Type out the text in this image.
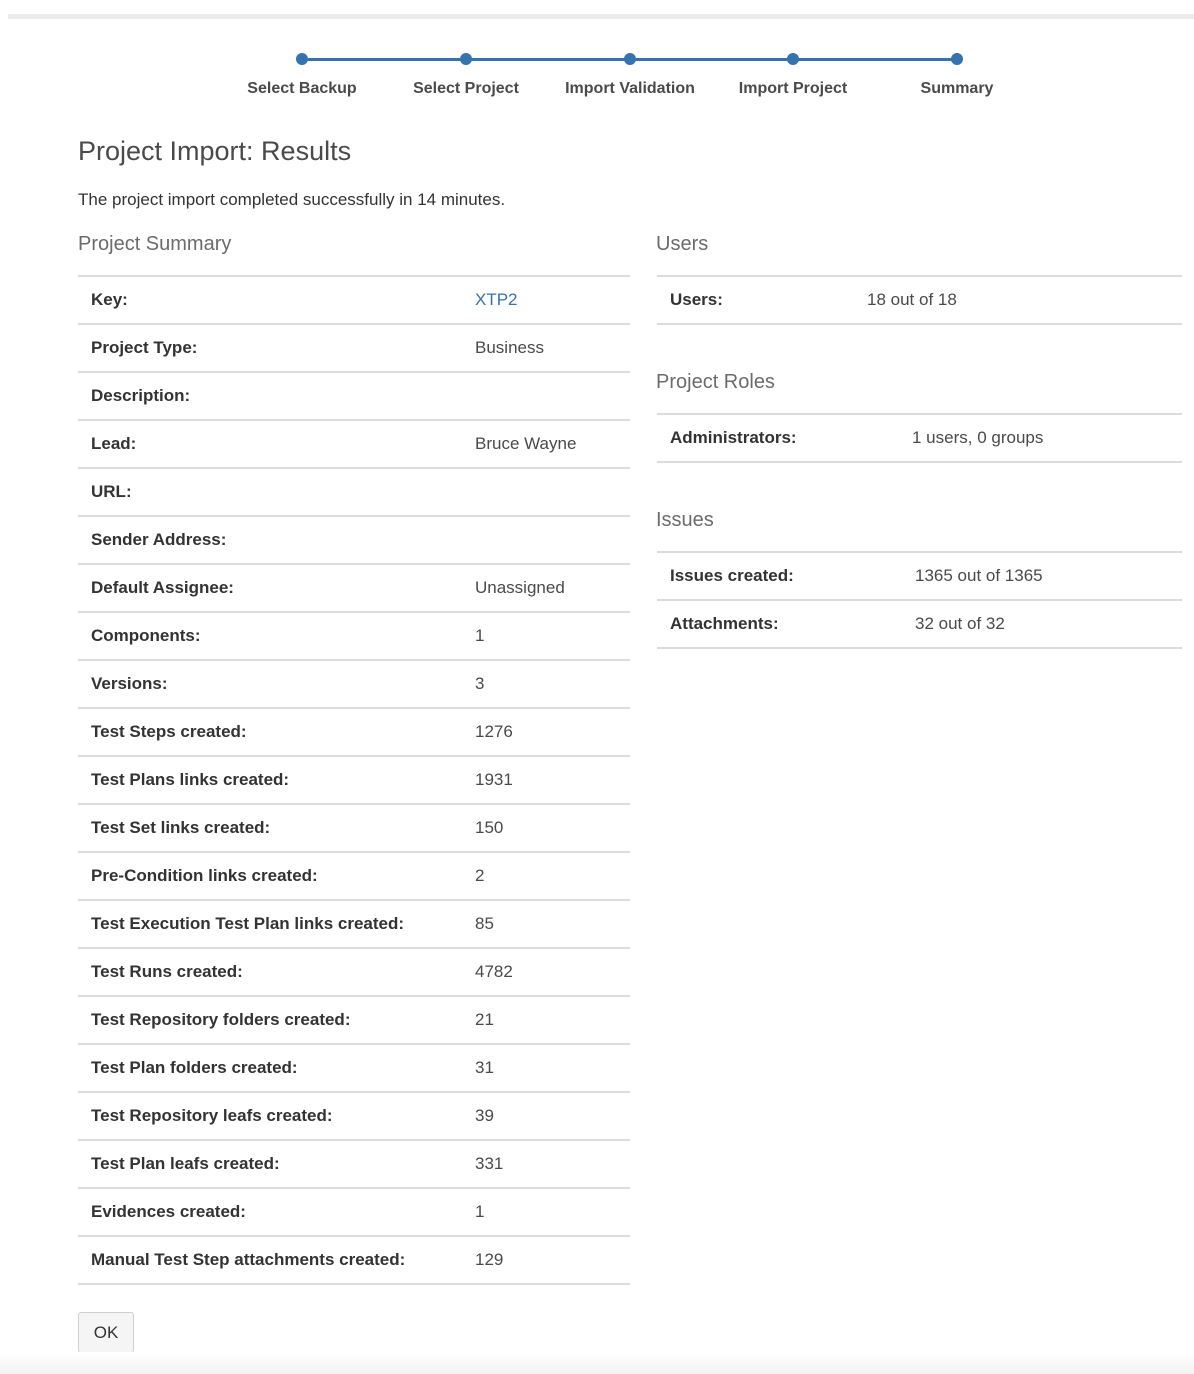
Select Backup	Select Project	Import Validation	Import Project	Summary
Project Import: Results

The project import completed successfully in 14 minutes.

Project Summary
Key:	XTP2
Project Type:	Business
Description:	
Lead:	Bruce Wayne
URL:	
Sender Address:	
Default Assignee:	Unassigned
Components:	1
Versions:	3
Test Steps created:	1276
Test Plans links created:	1931
Test Set links created:	150
Pre-Condition links created:	2
Test Execution Test Plan links created:	85
Test Runs created:	4782
Test Repository folders created:	21
Test Plan folders created:	31
Test Repository leafs created:	39
Test Plan leafs created:	331
Evidences created:	1
Manual Test Step attachments created:	129
Users
Users:	18 out of 18
Project Roles
Administrators:	1 users, 0 groups
Issues
Issues created:	1365 out of 1365
Attachments:	32 out of 32
OK
